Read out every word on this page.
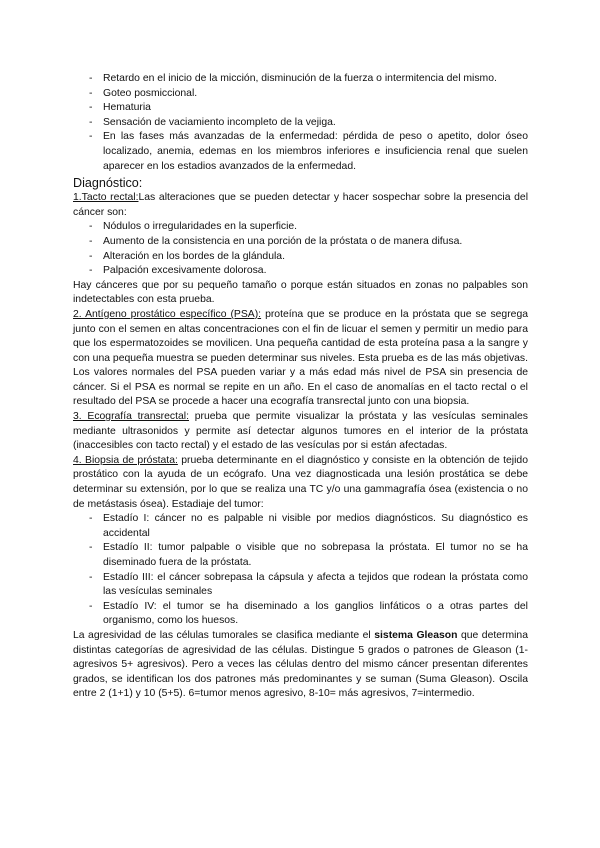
- Retardo en el inicio de la micción, disminución de la fuerza o intermitencia del mismo.
- Goteo posmiccional.
- Hematuria
- Sensación de vaciamiento incompleto de la vejiga.
- En las fases más avanzadas de la enfermedad: pérdida de peso o apetito, dolor óseo localizado, anemia, edemas en los miembros inferiores e insuficiencia renal que suelen aparecer en los estadios avanzados de la enfermedad.
Diagnóstico:
1.Tacto rectal:Las alteraciones que se pueden detectar y hacer sospechar sobre la presencia del cáncer son:
- Nódulos o irregularidades en la superficie.
- Aumento de la consistencia en una porción de la próstata o de manera difusa.
- Alteración en los bordes de la glándula.
- Palpación excesivamente dolorosa.
Hay cánceres que por su pequeño tamaño o porque están situados en zonas no palpables son indetectables con esta prueba.
2. Antígeno prostático específico (PSA): proteína que se produce en la próstata que se segrega junto con el semen en altas concentraciones con el fin de licuar el semen y permitir un medio para que los espermatozoides se movilicen. Una pequeña cantidad de esta proteína pasa a la sangre y con una pequeña muestra se pueden determinar sus niveles. Esta prueba es de las más objetivas. Los valores normales del PSA pueden variar y a más edad más nivel de PSA sin presencia de cáncer. Si el PSA es normal se repite en un año. En el caso de anomalías en el tacto rectal o el resultado del PSA se procede a hacer una ecografía transrectal junto con una biopsia.
3. Ecografía transrectal: prueba que permite visualizar la próstata y las vesículas seminales mediante ultrasonidos y permite así detectar algunos tumores en el interior de la próstata (inaccesibles con tacto rectal) y el estado de las vesículas por si están afectadas.
4. Biopsia de próstata: prueba determinante en el diagnóstico y consiste en la obtención de tejido prostático con la ayuda de un ecógrafo. Una vez diagnosticada una lesión prostática se debe determinar su extensión, por lo que se realiza una TC y/o una gammagrafía ósea (existencia o no de metástasis ósea). Estadiaje del tumor:
- Estadío I: cáncer no es palpable ni visible por medios diagnósticos. Su diagnóstico es accidental
- Estadío II: tumor palpable o visible que no sobrepasa la próstata. El tumor no se ha diseminado fuera de la próstata.
- Estadío III: el cáncer sobrepasa la cápsula y afecta a tejidos que rodean la próstata como las vesículas seminales
- Estadío IV: el tumor se ha diseminado a los ganglios linfáticos o a otras partes del organismo, como los huesos.
La agresividad de las células tumorales se clasifica mediante el sistema Gleason que determina distintas categorías de agresividad de las células. Distingue 5 grados o patrones de Gleason (1- agresivos 5+ agresivos). Pero a veces las células dentro del mismo cáncer presentan diferentes grados, se identifican los dos patrones más predominantes y se suman (Suma Gleason). Oscila entre 2 (1+1) y 10 (5+5). 6=tumor menos agresivo, 8-10= más agresivos, 7=intermedio.
